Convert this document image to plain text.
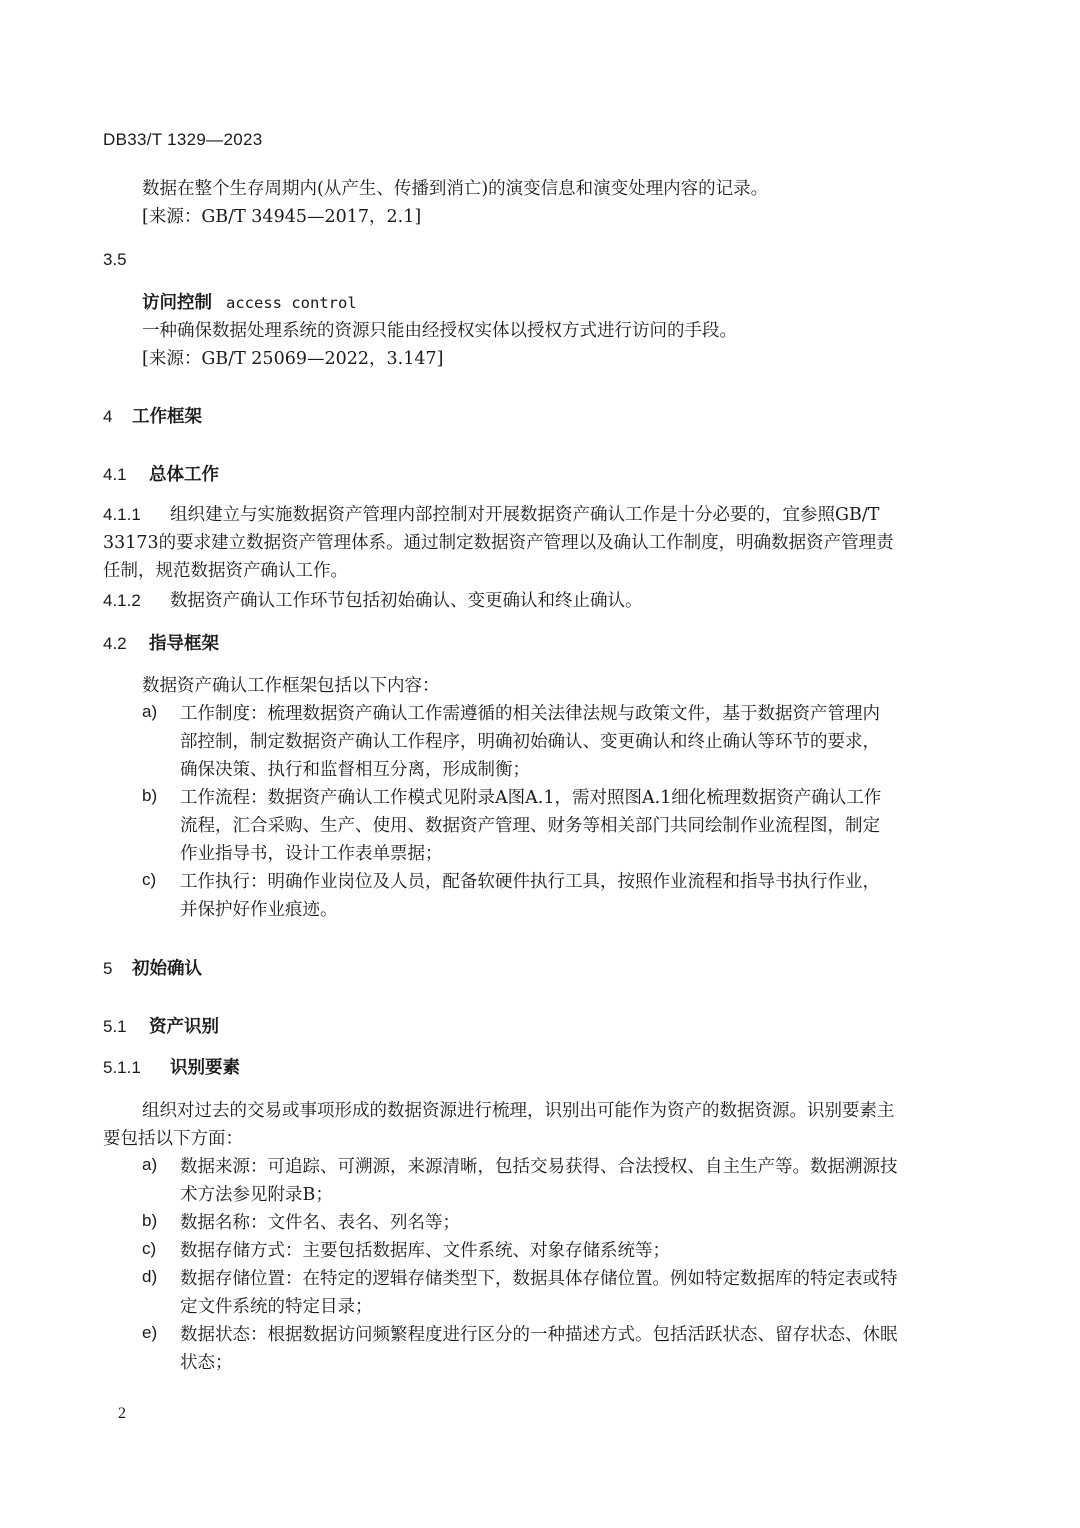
DB33/T 1329—2023
数据在整个生存周期内(从产生、传播到消亡)的演变信息和演变处理内容的记录。
[来源：GB/T 34945—2017，2.1]
3.5
访问控制 access control
一种确保数据处理系统的资源只能由经授权实体以授权方式进行访问的手段。
[来源：GB/T 25069—2022，3.147]
4 工作框架
4.1 总体工作
4.1.1 组织建立与实施数据资产管理内部控制对开展数据资产确认工作是十分必要的，宜参照GB/T
33173的要求建立数据资产管理体系。通过制定数据资产管理以及确认工作制度，明确数据资产管理责
任制，规范数据资产确认工作。
4.1.2 数据资产确认工作环节包括初始确认、变更确认和终止确认。
4.2 指导框架
数据资产确认工作框架包括以下内容：
a) 工作制度：梳理数据资产确认工作需遵循的相关法律法规与政策文件，基于数据资产管理内
部控制，制定数据资产确认工作程序，明确初始确认、变更确认和终止确认等环节的要求，
确保决策、执行和监督相互分离，形成制衡；
b) 工作流程：数据资产确认工作模式见附录A图A.1，需对照图A.1细化梳理数据资产确认工作
流程，汇合采购、生产、使用、数据资产管理、财务等相关部门共同绘制作业流程图，制定
作业指导书，设计工作表单票据；
c) 工作执行：明确作业岗位及人员，配备软硬件执行工具，按照作业流程和指导书执行作业，
并保护好作业痕迹。
5 初始确认
5.1 资产识别
5.1.1 识别要素
组织对过去的交易或事项形成的数据资源进行梳理，识别出可能作为资产的数据资源。识别要素主
要包括以下方面：
a) 数据来源：可追踪、可溯源，来源清晰，包括交易获得、合法授权、自主生产等。数据溯源技
术方法参见附录B；
b) 数据名称：文件名、表名、列名等；
c) 数据存储方式：主要包括数据库、文件系统、对象存储系统等；
d) 数据存储位置：在特定的逻辑存储类型下，数据具体存储位置。例如特定数据库的特定表或特
定文件系统的特定目录；
e) 数据状态：根据数据访问频繁程度进行区分的一种描述方式。包括活跃状态、留存状态、休眠
状态；
2
